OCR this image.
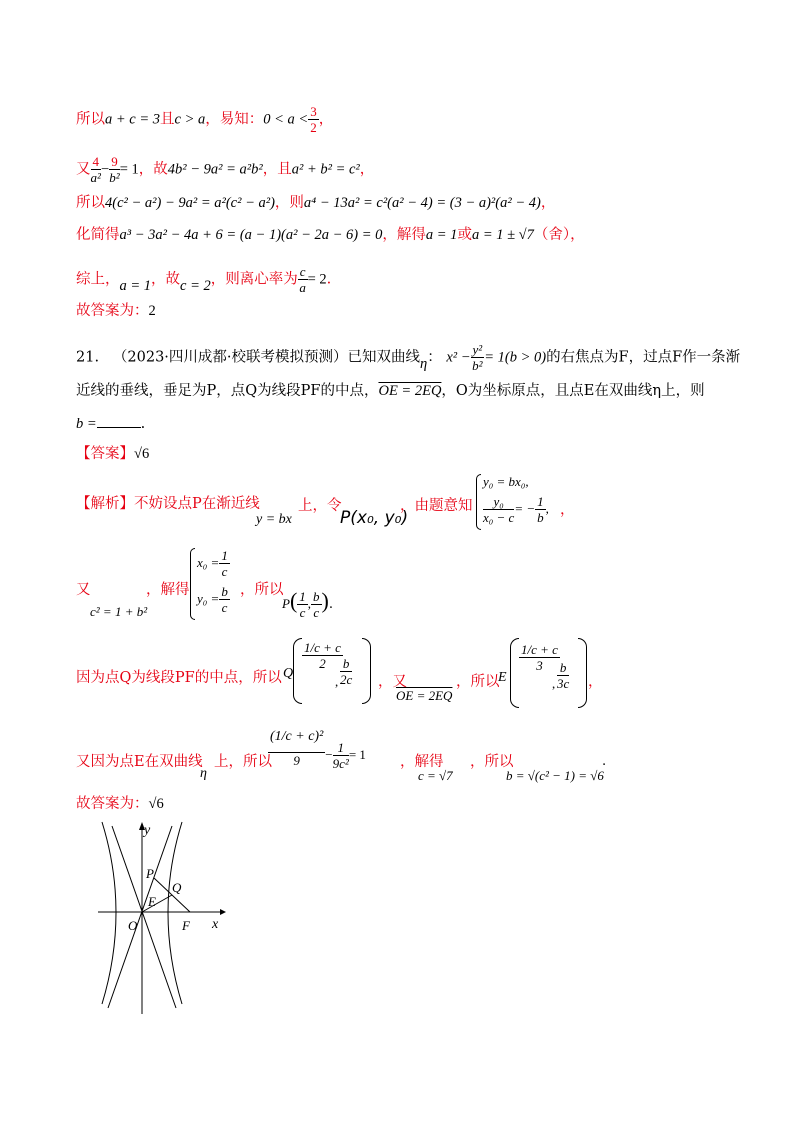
所以a + c = 3且c > a，易知：$0 < a < \frac{3}{2}$ ，
又 $\frac{4}{\text{a²}} - \frac{9}{\text{b²}} = 1$，故4b² − 9a² = a²b²，且a² + b² = c²，
所以4(c² − a²) − 9a² = a²(c² − a²)，则a⁴ − 13a² = c²(a² − 4) = (3 − a)²(a² − 4)，
化简得a³ − 3a² − 4a + 6 = (a − 1)(a² − 2a − 6) = 0，解得a = 1或a = 1 ± √7（舍），
综上，a = 1，故c = 2，则离心率为 $\frac{c}{a} = 2$.
故答案为：2
21. （2023·四川成都·校联考模拟预测）已知双曲线η： $x^2 - \frac{\text{y²}}{\text{b²}} = 1(b > 0)$的右焦点为F，过点F作一条渐
近线的垂线，垂足为P，点Q为线段PF的中点，OE = 2EQ，O为坐标原点，且点E在双曲线η上，则
b =	.
【答案】√6
【解析】不妨设点P在渐近线
y = bx
上，令
P(x₀, y₀)
，由题意知
y₀ = bx₀,
$\frac{\text{y₀}}{\text{x₀ − c}}$ = − $\frac{1}{b}$ , ，
又
c² = 1 + b²
，解得
$x_0 = \frac{1}{c}$
$y_0 = \frac{b}{c}$ ，所以
$P( \frac{1}{c}$ , $\frac{b}{c}$ ).
因为点Q为线段PF的中点，所以 Q
$\frac{1/c + c}{2}$
, $\frac{b}{2c}$ ，又
OE = 2EQ
，所以
E
$\frac{1/c + c}{3}$
, $\frac{b}{3c}$ ，
又因为点E在双曲线
η
上，所以
$\frac{\text{(1/c + c)²}}{9} - \frac{1}{\text{9c²}} = 1$ ，解得
c = √7
，所以
b = √(c² − 1) = √6
.
故答案为：√6
y
x
P
Q
E
O	F
